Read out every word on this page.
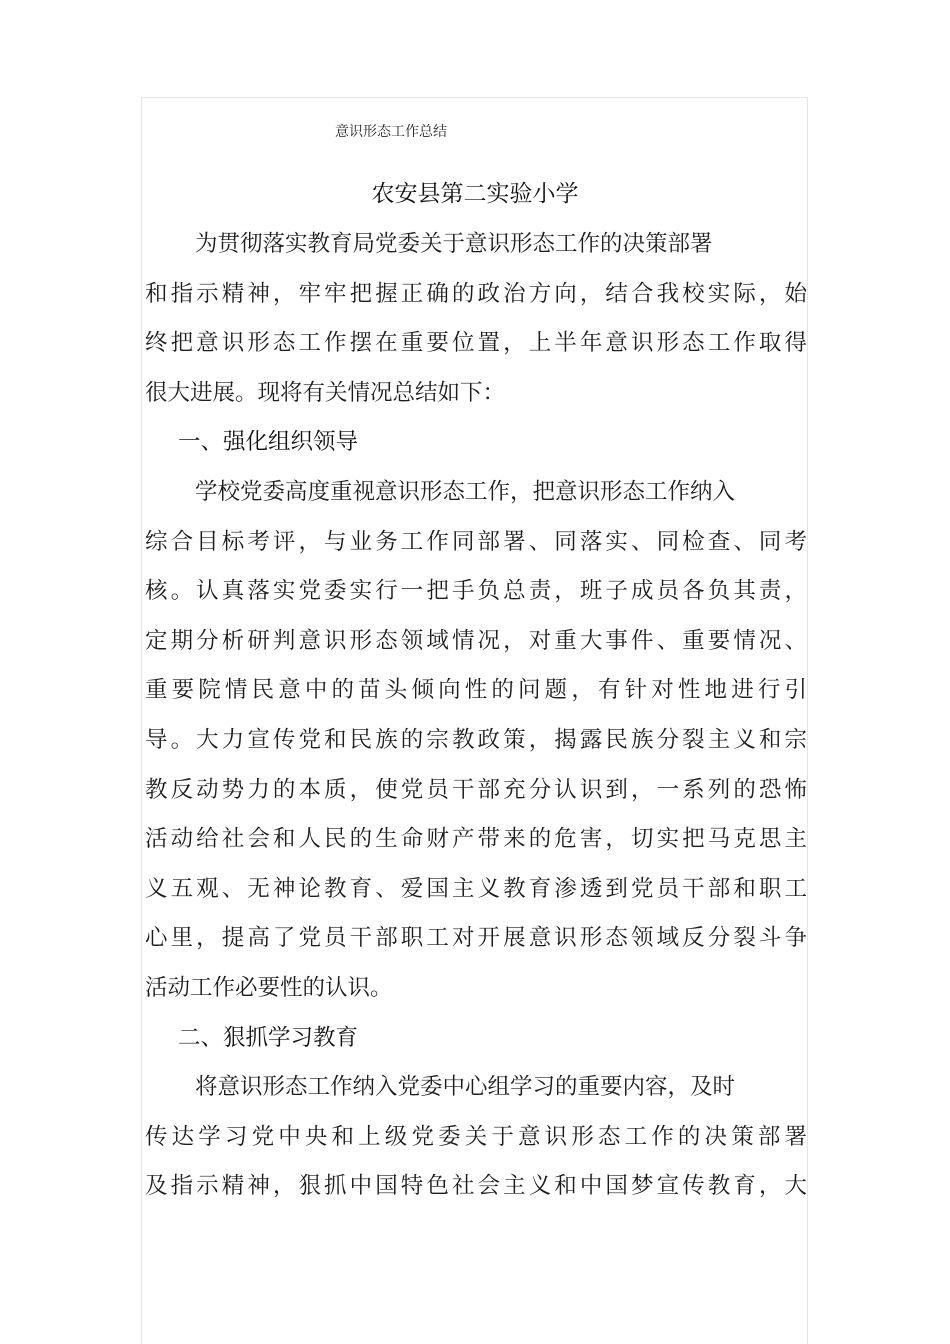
意识形态工作总结
农安县第二实验小学
为贯彻落实教育局党委关于意识形态工作的决策部署
和指示精神，牢牢把握正确的政治方向，结合我校实际，始
终把意识形态工作摆在重要位置，上半年意识形态工作取得
很大进展。现将有关情况总结如下：
一、强化组织领导
学校党委高度重视意识形态工作，把意识形态工作纳入
综合目标考评，与业务工作同部署、同落实、同检查、同考
核。认真落实党委实行一把手负总责，班子成员各负其责，
定期分析研判意识形态领域情况，对重大事件、重要情况、
重要院情民意中的苗头倾向性的问题，有针对性地进行引
导。大力宣传党和民族的宗教政策，揭露民族分裂主义和宗
教反动势力的本质，使党员干部充分认识到，一系列的恐怖
活动给社会和人民的生命财产带来的危害，切实把马克思主
义五观、无神论教育、爱国主义教育渗透到党员干部和职工
心里，提高了党员干部职工对开展意识形态领域反分裂斗争
活动工作必要性的认识。
二、狠抓学习教育
将意识形态工作纳入党委中心组学习的重要内容，及时
传达学习党中央和上级党委关于意识形态工作的决策部署
及指示精神，狠抓中国特色社会主义和中国梦宣传教育，大
